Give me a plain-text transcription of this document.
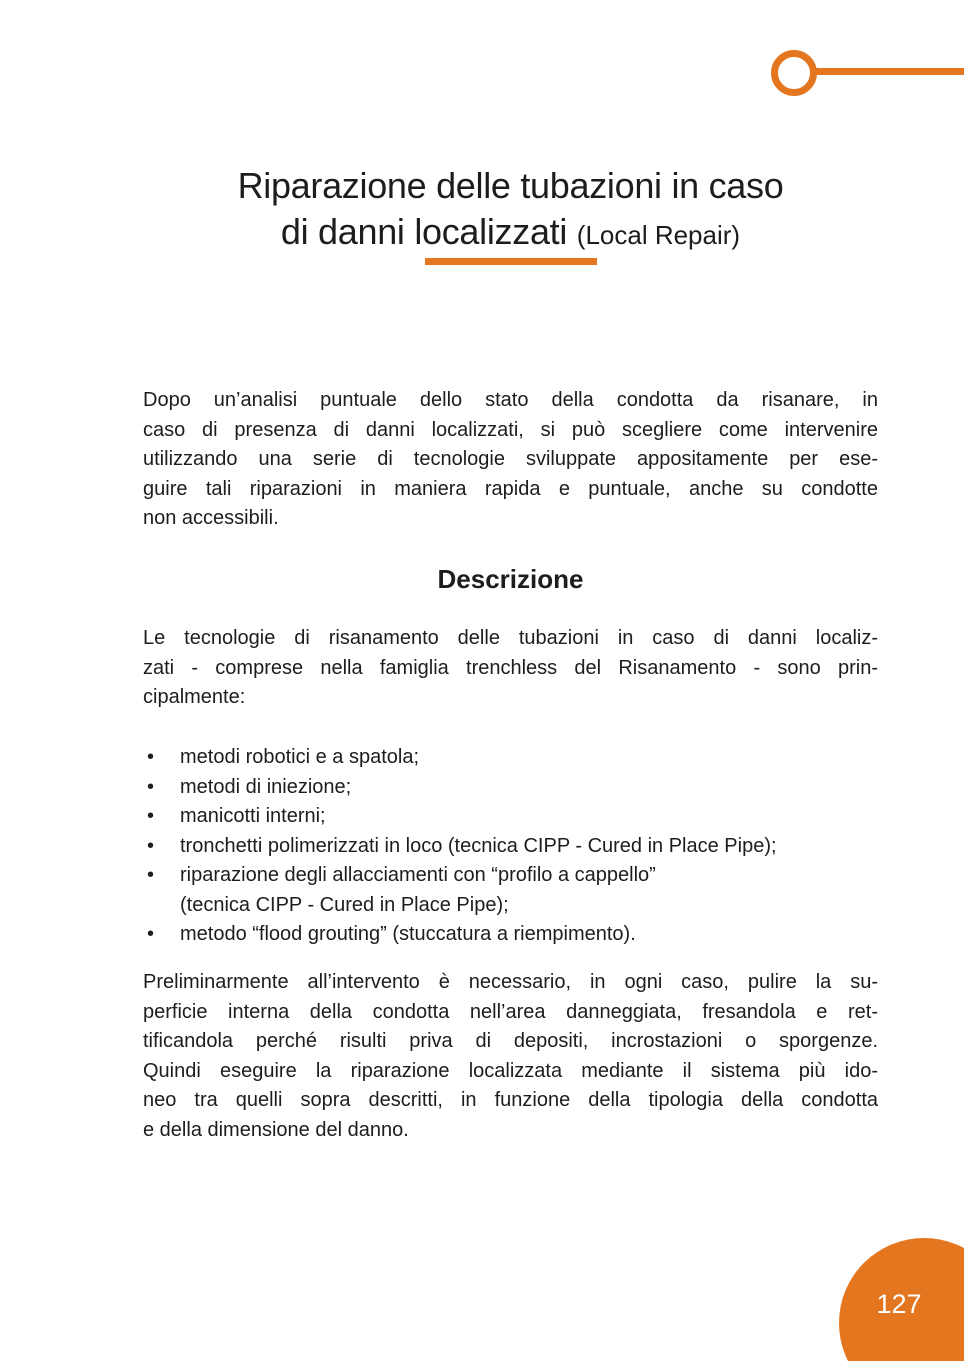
Riparazione delle tubazioni in caso
di danni localizzati (Local Repair)
Dopo un’analisi puntuale dello stato della condotta da risanare, in
caso di presenza di danni localizzati, si può scegliere come intervenire
utilizzando una serie di tecnologie sviluppate appositamente per ese-
guire tali riparazioni in maniera rapida e puntuale, anche su condotte
non accessibili.
Descrizione
Le tecnologie di risanamento delle tubazioni in caso di danni localiz-
zati - comprese nella famiglia trenchless del Risanamento - sono prin-
cipalmente:
• metodi robotici e a spatola;
• metodi di iniezione;
• manicotti interni;
• tronchetti polimerizzati in loco (tecnica CIPP - Cured in Place Pipe);
• riparazione degli allacciamenti con “profilo a cappello”
(tecnica CIPP - Cured in Place Pipe);
• metodo “flood grouting” (stuccatura a riempimento).
Preliminarmente all’intervento è necessario, in ogni caso, pulire la su-
perficie interna della condotta nell’area danneggiata, fresandola e ret-
tificandola perché risulti priva di depositi, incrostazioni o sporgenze.
Quindi eseguire la riparazione localizzata mediante il sistema più ido-
neo tra quelli sopra descritti, in funzione della tipologia della condotta
e della dimensione del danno.
127
